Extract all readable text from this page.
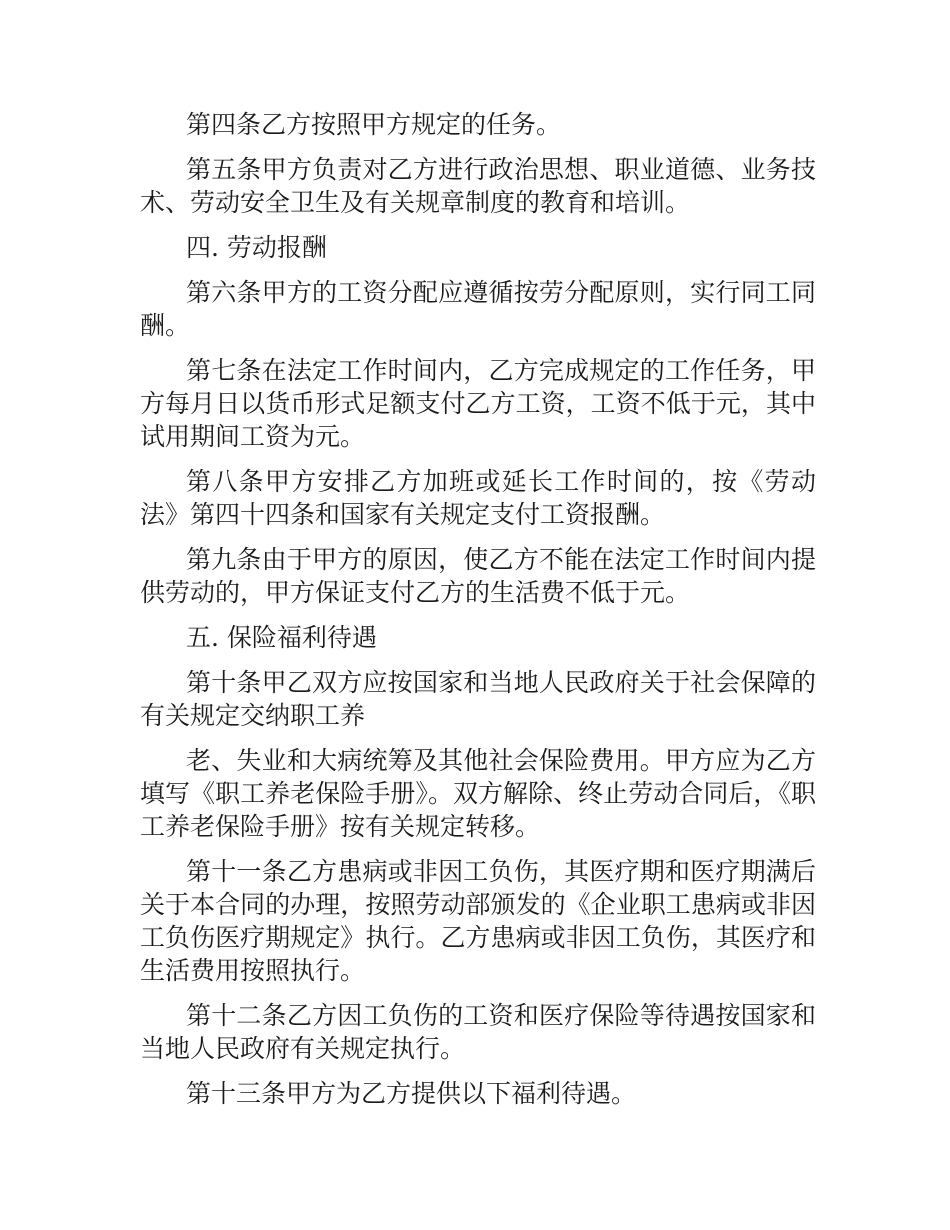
第四条乙方按照甲方规定的任务。

第五条甲方负责对乙方进行政治思想、职业道德、业务技术、劳动安全卫生及有关规章制度的教育和培训。

四. 劳动报酬

第六条甲方的工资分配应遵循按劳分配原则，实行同工同酬。

第七条在法定工作时间内，乙方完成规定的工作任务，甲方每月日以货币形式足额支付乙方工资，工资不低于元，其中试用期间工资为元。

第八条甲方安排乙方加班或延长工作时间的，按《劳动法》第四十四条和国家有关规定支付工资报酬。

第九条由于甲方的原因，使乙方不能在法定工作时间内提供劳动的，甲方保证支付乙方的生活费不低于元。

五. 保险福利待遇

第十条甲乙双方应按国家和当地人民政府关于社会保障的有关规定交纳职工养

老、失业和大病统筹及其他社会保险费用。甲方应为乙方填写《职工养老保险手册》。双方解除、终止劳动合同后，《职工养老保险手册》按有关规定转移。

第十一条乙方患病或非因工负伤，其医疗期和医疗期满后关于本合同的办理，按照劳动部颁发的《企业职工患病或非因工负伤医疗期规定》执行。乙方患病或非因工负伤，其医疗和生活费用按照执行。

第十二条乙方因工负伤的工资和医疗保险等待遇按国家和当地人民政府有关规定执行。

第十三条甲方为乙方提供以下福利待遇。
